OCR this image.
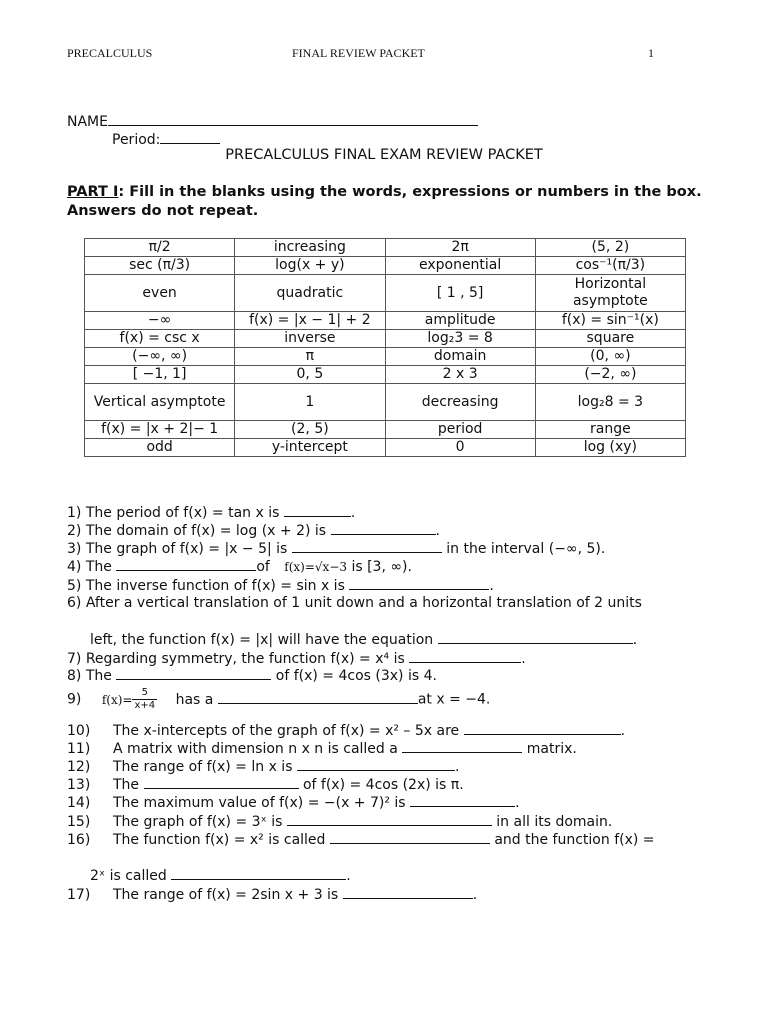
PRECALCULUS	FINAL REVIEW PACKET	1
NAME
Period:
PRECALCULUS FINAL EXAM REVIEW PACKET
PART I: Fill in the blanks using the words, expressions or numbers in the box. Answers do not repeat.
π/2	increasing	2π	(5, 2)
sec (π/3)	log(x + y)	exponential	cos⁻¹(π/3)
even	quadratic	[ 1 , 5]	Horizontal asymptote
−∞	f(x) = |x − 1| + 2	amplitude	f(x) = sin⁻¹(x)
f(x) = csc x	inverse	log₂3 = 8	square
(−∞, ∞)	π	domain	(0, ∞)
[ −1, 1]	0, 5	2 x 3	(−2, ∞)
Vertical asymptote	1	decreasing	log₂8 = 3
f(x) = |x + 2|− 1	(2, 5)	period	range
odd	y-intercept	0	log (xy)
1) The period of f(x) = tan x is	.
2) The domain of f(x) = log (x + 2) is	.
3) The graph of f(x) = |x − 5| is	in the interval (−∞, 5).
4) The	of f(x)=√x−3 is [3, ∞).
5) The inverse function of f(x) = sin x is	.
6) After a vertical translation of 1 unit down and a horizontal translation of 2 units
left, the function f(x) = |x| will have the equation	.
7) Regarding symmetry, the function f(x) = x⁴ is	.
8) The	of f(x) = 4cos (3x) is 4.
9) $f(x)= \frac{5}{x+4}$ has a	at x = −4.
10) The x-intercepts of the graph of f(x) = x² – 5x are	.
11) A matrix with dimension n x n is called a	matrix.
12) The range of f(x) = ln x is	.
13) The	of f(x) = 4cos (2x) is π.
14) The maximum value of f(x) = −(x + 7)² is	.
15) The graph of f(x) = 3ˣ is	in all its domain.
16) The function f(x) = x² is called	and the function f(x) =
2ˣ is called	.
17) The range of f(x) = 2sin x + 3 is	.
